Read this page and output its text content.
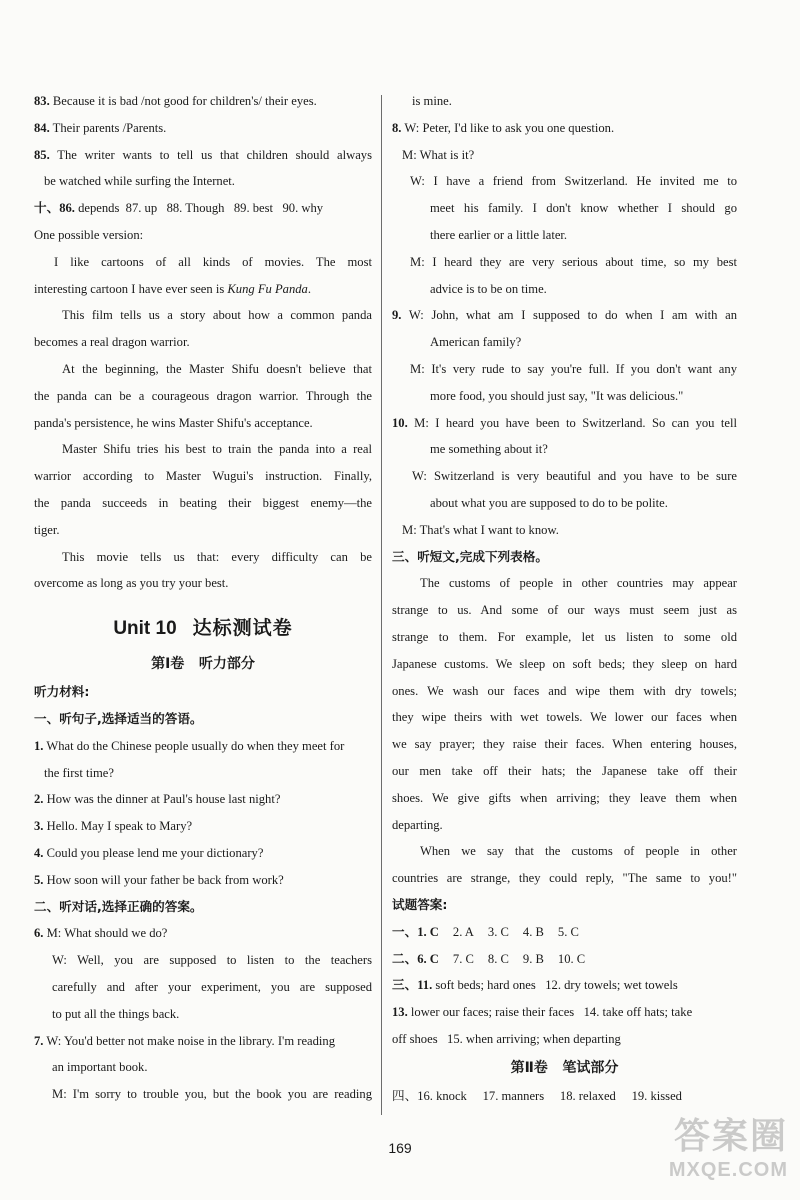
83. Because it is bad /not good for children's/ their eyes.
84. Their parents /Parents.
85. The writer wants to tell us that children should always
be watched while surfing the Internet.
十、86. depends  87. up   88. Though   89. best   90. why
One possible version:
I like cartoons of all kinds of movies. The most
interesting cartoon I have ever seen is Kung Fu Panda.
This film tells us a story about how a common panda
becomes a real dragon warrior.
At the beginning, the Master Shifu doesn't believe that
the panda can be a courageous dragon warrior. Through the
panda's persistence, he wins Master Shifu's acceptance.
Master Shifu tries his best to train the panda into a real
warrior according to Master Wugui's instruction. Finally,
the panda succeeds in beating their biggest enemy—the
tiger.
This movie tells us that: every difficulty can be
overcome as long as you try your best.
Unit 10 达标测试卷
第Ⅰ卷   听力部分
听力材料:
一、听句子,选择适当的答语。
1. What do the Chinese people usually do when they meet for
the first time?
2. How was the dinner at Paul's house last night?
3. Hello. May I speak to Mary?
4. Could you please lend me your dictionary?
5. How soon will your father be back from work?
二、听对话,选择正确的答案。
6. M: What should we do?
W: Well, you are supposed to listen to the teachers
carefully and after your experiment, you are supposed
to put all the things back.
7. W: You'd better not make noise in the library. I'm reading
an important book.
M: I'm sorry to trouble you, but the book you are reading
is mine.
8. W: Peter, I'd like to ask you one question.
M: What is it?
W: I have a friend from Switzerland. He invited me to
meet his family. I don't know whether I should go
there earlier or a little later.
M: I heard they are very serious about time, so my best
advice is to be on time.
9. W: John, what am I supposed to do when I am with an
American family?
M: It's very rude to say you're full. If you don't want any
more food, you should just say, "It was delicious."
10. M: I heard you have been to Switzerland. So can you tell
me something about it?
W: Switzerland is very beautiful and you have to be sure
about what you are supposed to do to be polite.
M: That's what I want to know.
三、听短文,完成下列表格。
The customs of people in other countries may appear
strange to us. And some of our ways must seem just as
strange to them. For example, let us listen to some old
Japanese customs. We sleep on soft beds; they sleep on hard
ones. We wash our faces and wipe them with dry towels;
they wipe theirs with wet towels. We lower our faces when
we say prayer; they raise their faces. When entering houses,
our men take off their hats; the Japanese take off their
shoes. We give gifts when arriving; they leave them when
departing.
When we say that the customs of people in other
countries are strange, they could reply, "The same to you!"
试题答案:
一、1. C 2. A 3. C 4. B 5. C
二、6. C 7. C 8. C 9. B 10. C
三、11. soft beds; hard ones   12. dry towels; wet towels
13. lower our faces; raise their faces   14. take off hats; take
off shoes   15. when arriving; when departing
第Ⅱ卷   笔试部分
四、16. knock     17. manners     18. relaxed     19. kissed
169	答案圈
MXQE.COM
